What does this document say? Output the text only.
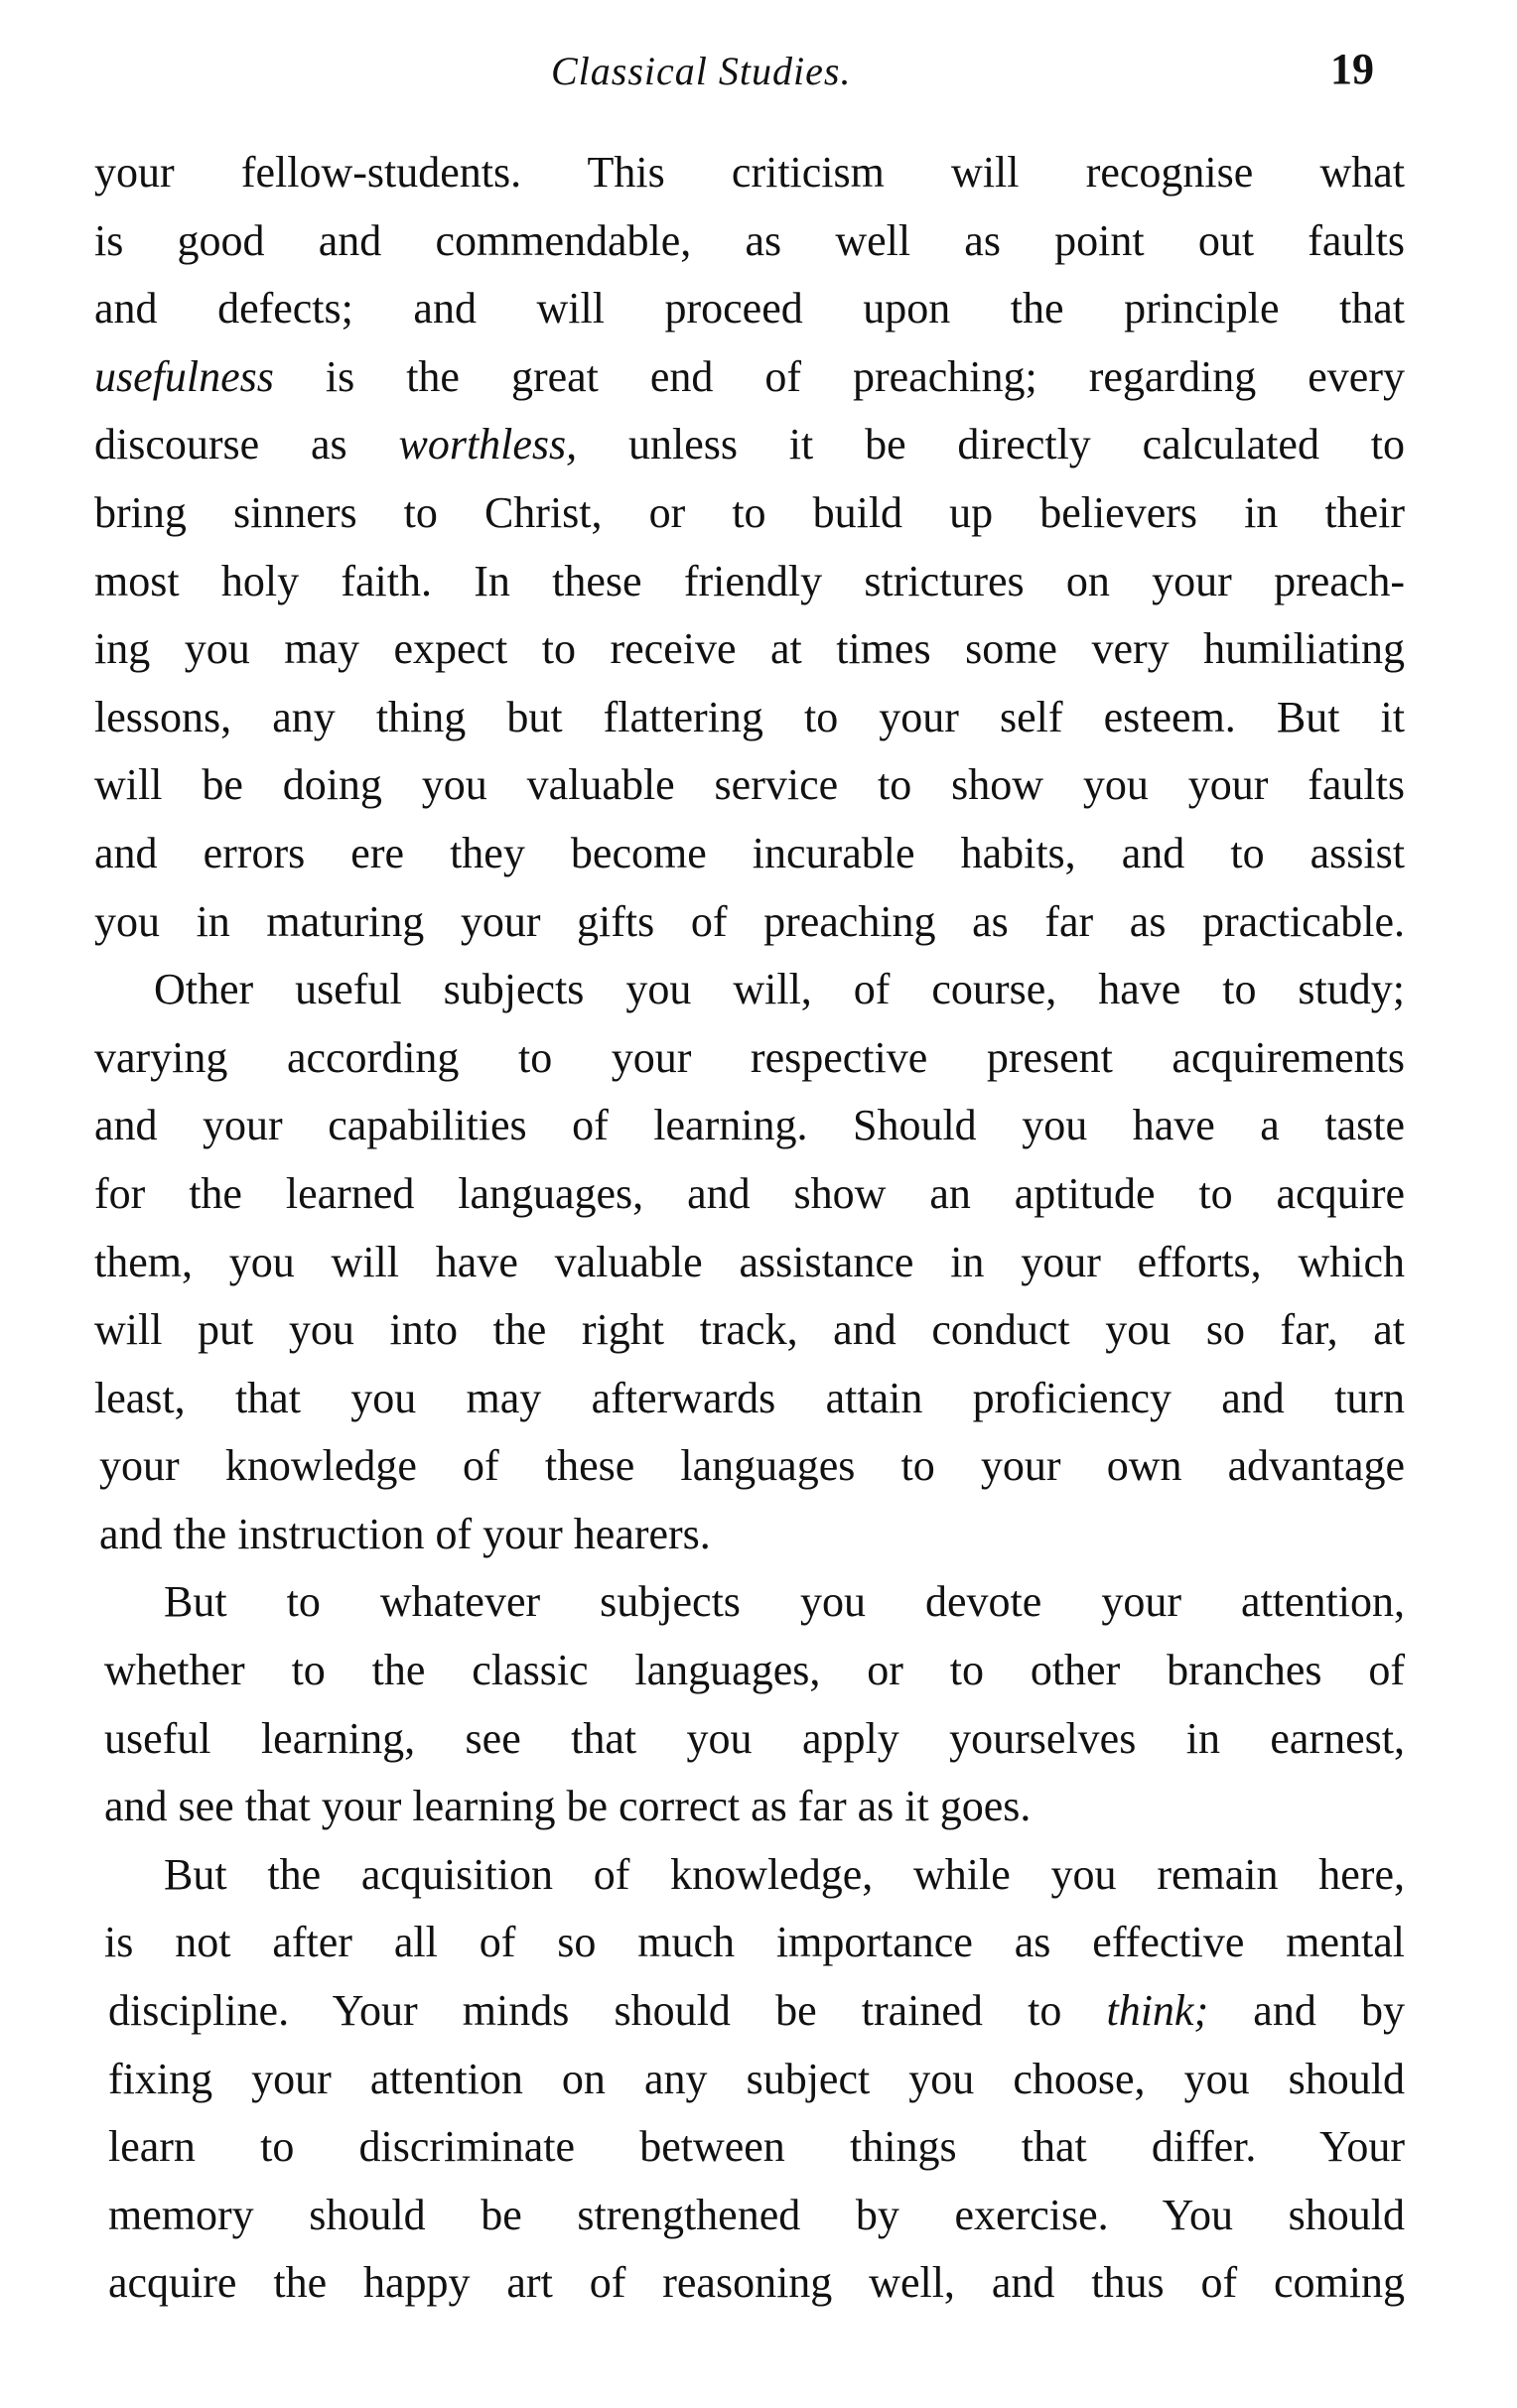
Classical Studies.	19
your fellow-students. This criticism will recognise what
is good and commendable, as well as point out faults
and defects; and will proceed upon the principle that
usefulness is the great end of preaching; regarding every
discourse as worthless, unless it be directly calculated to
bring sinners to Christ, or to build up believers in their
most holy faith. In these friendly strictures on your preach-
ing you may expect to receive at times some very humiliating
lessons, any thing but flattering to your self esteem. But it
will be doing you valuable service to show you your faults
and errors ere they become incurable habits, and to assist
you in maturing your gifts of preaching as far as practicable.
Other useful subjects you will, of course, have to study;
varying according to your respective present acquirements
and your capabilities of learning. Should you have a taste
for the learned languages, and show an aptitude to acquire
them, you will have valuable assistance in your efforts, which
will put you into the right track, and conduct you so far, at
least, that you may afterwards attain proficiency and turn
your knowledge of these languages to your own advantage
and the instruction of your hearers.
But to whatever subjects you devote your attention,
whether to the classic languages, or to other branches of
useful learning, see that you apply yourselves in earnest,
and see that your learning be correct as far as it goes.
But the acquisition of knowledge, while you remain here,
is not after all of so much importance as effective mental
discipline. Your minds should be trained to think; and by
fixing your attention on any subject you choose, you should
learn to discriminate between things that differ. Your
memory should be strengthened by exercise. You should
acquire the happy art of reasoning well, and thus of coming
